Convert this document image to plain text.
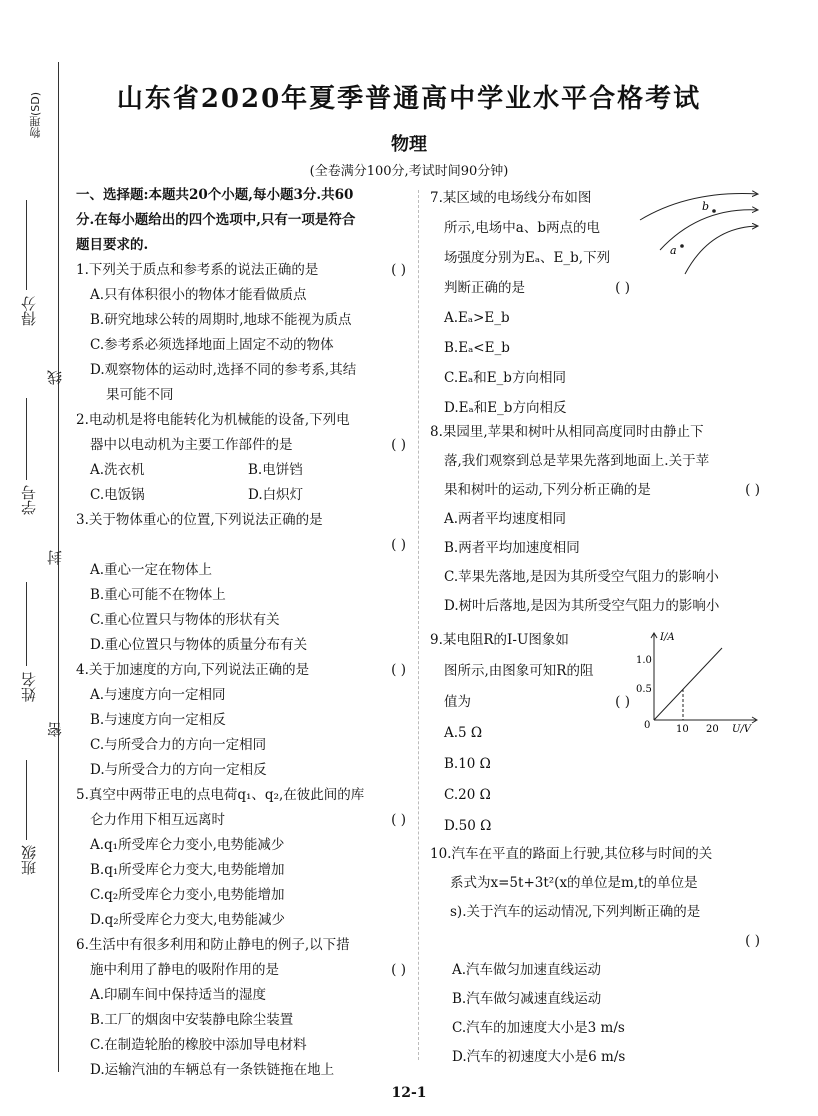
物理(SD)
得分
线
学号
封
姓名
密
班级
山东省2020年夏季普通高中学业水平合格考试
物理
(全卷满分100分,考试时间90分钟)
一、选择题:本题共20个小题,每小题3分.共60
分.在每小题给出的四个选项中,只有一项是符合
题目要求的.
1.下列关于质点和参考系的说法正确的是	( )
A.只有体积很小的物体才能看做质点
B.研究地球公转的周期时,地球不能视为质点
C.参考系必须选择地面上固定不动的物体
D.观察物体的运动时,选择不同的参考系,其结
果可能不同
2.电动机是将电能转化为机械能的设备,下列电
器中以电动机为主要工作部件的是	( )
A.洗衣机	B.电饼铛
C.电饭锅	D.白炽灯
3.关于物体重心的位置,下列说法正确的是
( )
A.重心一定在物体上
B.重心可能不在物体上
C.重心位置只与物体的形状有关
D.重心位置只与物体的质量分布有关
4.关于加速度的方向,下列说法正确的是	( )
A.与速度方向一定相同
B.与速度方向一定相反
C.与所受合力的方向一定相同
D.与所受合力的方向一定相反
5.真空中两带正电的点电荷q₁、q₂,在彼此间的库
仑力作用下相互远离时	( )
A.q₁所受库仑力变小,电势能减少
B.q₁所受库仑力变大,电势能增加
C.q₂所受库仑力变小,电势能增加
D.q₂所受库仑力变大,电势能减少
6.生活中有很多利用和防止静电的例子,以下措
施中利用了静电的吸附作用的是	( )
A.印刷车间中保持适当的湿度
B.工厂的烟囱中安装静电除尘装置
C.在制造轮胎的橡胶中添加导电材料
D.运输汽油的车辆总有一条铁链拖在地上
7.某区域的电场线分布如图
所示,电场中a、b两点的电
场强度分别为Eₐ、E_b,下列
判断正确的是	( )
A.Eₐ>E_b
B.Eₐ<E_b
C.Eₐ和E_b方向相同
D.Eₐ和E_b方向相反
b
a
8.果园里,苹果和树叶从相同高度同时由静止下
落,我们观察到总是苹果先落到地面上.关于苹
果和树叶的运动,下列分析正确的是	( )
A.两者平均速度相同
B.两者平均加速度相同
C.苹果先落地,是因为其所受空气阻力的影响小
D.树叶后落地,是因为其所受空气阻力的影响小
9.某电阻R的I-U图象如
图所示,由图象可知R的阻
值为	( )
A.5 Ω
B.10 Ω
C.20 Ω
D.50 Ω
I/A
U/V
0
0.5
1.0
10 20
10.汽车在平直的路面上行驶,其位移与时间的关
系式为x=5t+3t²(x的单位是m,t的单位是
s).关于汽车的运动情况,下列判断正确的是
( )
A.汽车做匀加速直线运动
B.汽车做匀减速直线运动
C.汽车的加速度大小是3 m/s
D.汽车的初速度大小是6 m/s
12-1
